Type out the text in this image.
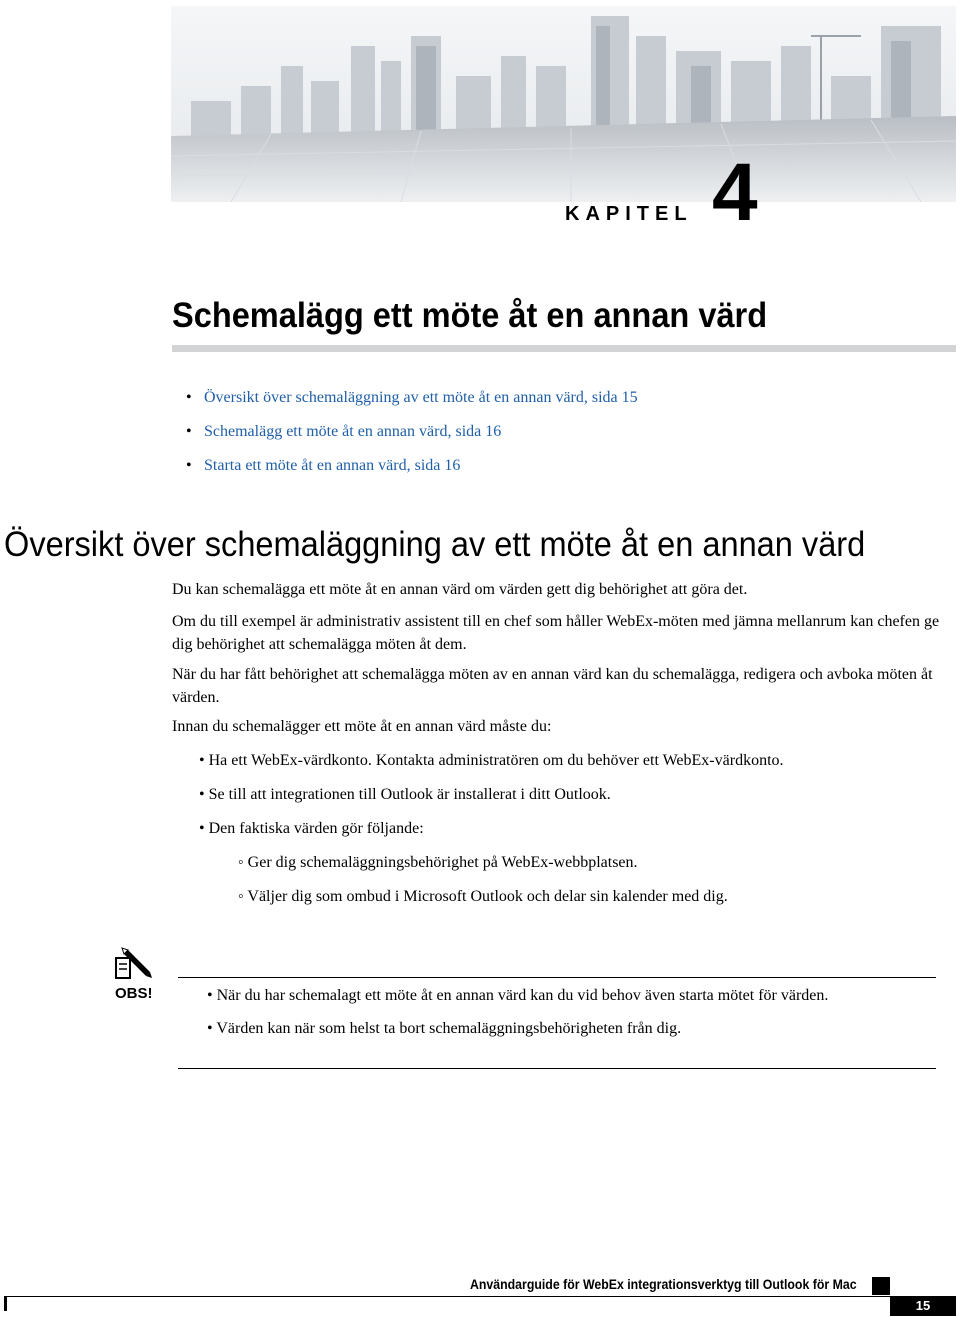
KAPITEL 4
Schemalägg ett möte åt en annan värd
• Översikt över schemaläggning av ett möte åt en annan värd, sida 15
• Schemalägg ett möte åt en annan värd, sida 16
• Starta ett möte åt en annan värd, sida 16
Översikt över schemaläggning av ett möte åt en annan värd

Du kan schemalägga ett möte åt en annan värd om värden gett dig behörighet att göra det.

Om du till exempel är administrativ assistent till en chef som håller WebEx-möten med jämna mellanrum kan chefen ge dig behörighet att schemalägga möten åt dem.

När du har fått behörighet att schemalägga möten av en annan värd kan du schemalägga, redigera och avboka möten åt värden.

Innan du schemalägger ett möte åt en annan värd måste du:

• Ha ett WebEx-värdkonto. Kontakta administratören om du behöver ett WebEx-värdkonto.
• Se till att integrationen till Outlook är installerat i ditt Outlook.
• Den faktiska värden gör följande:
◦ Ger dig schemaläggningsbehörighet på WebEx-webbplatsen.
◦ Väljer dig som ombud i Microsoft Outlook och delar sin kalender med dig.
OBS!	• När du har schemalagt ett möte åt en annan värd kan du vid behov även starta mötet för värden.
• Värden kan när som helst ta bort schemaläggningsbehörigheten från dig.
Användarguide för WebEx integrationsverktyg till Outlook för Mac
15
